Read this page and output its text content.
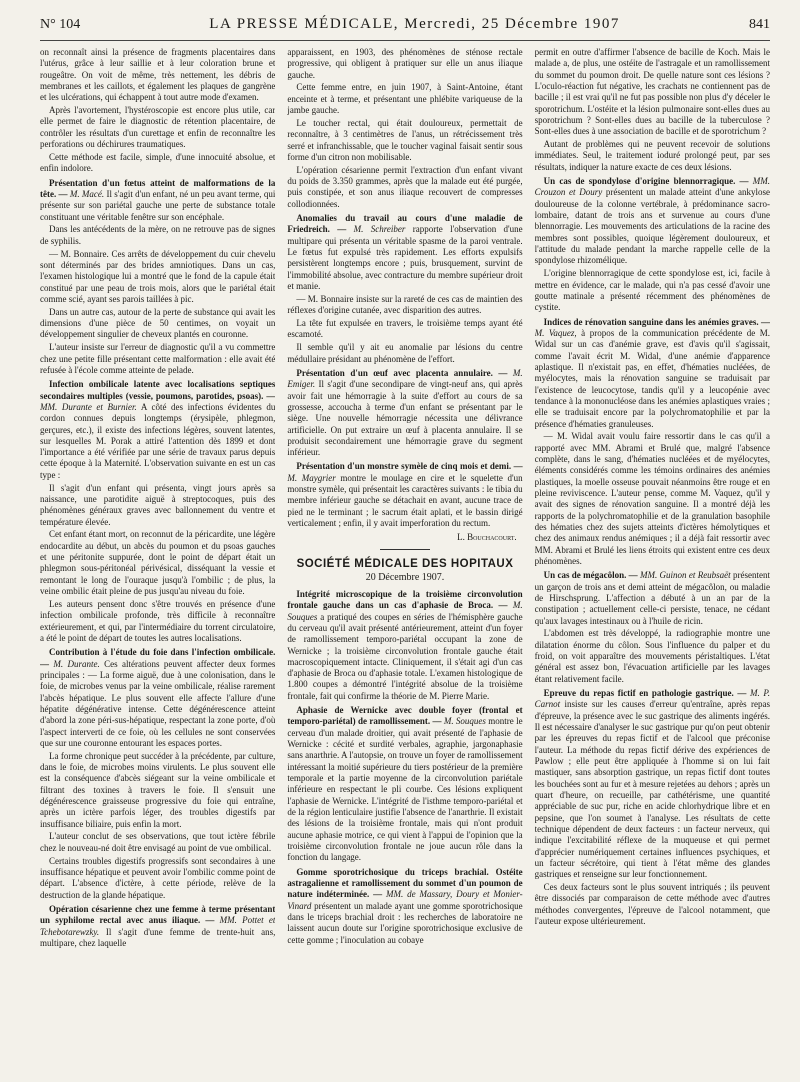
N° 104	LA PRESSE MÉDICALE, Mercredi, 25 Décembre 1907	841

on reconnaît ainsi la présence de fragments placentaires dans l'utérus, grâce à leur saillie et à leur coloration brune et rougeâtre. On voit de même, très nettement, les débris de membranes et les caillots, et également les plaques de gangrène et les ulcérations, qui échappent à tout autre mode d'examen.

Après l'avortement, l'hystéroscopie est encore plus utile, car elle permet de faire le diagnostic de rétention placentaire, de contrôler les résultats d'un curettage et enfin de reconnaître les perforations ou déchirures traumatiques.

Cette méthode est facile, simple, d'une innocuité absolue, et enfin indolore.

Présentation d'un fœtus atteint de malformations de la tête. — M. Macé. Il s'agit d'un enfant, né un peu avant terme, qui présente sur son pariétal gauche une perte de substance totale constituant une véritable fenêtre sur son encéphale.

Dans les antécédents de la mère, on ne retrouve pas de signes de syphilis.

— M. Bonnaire. Ces arrêts de développement du cuir chevelu sont déterminés par des brides amniotiques. Dans un cas, l'examen histologique lui a montré que le fond de la capule était constitué par une peau de trois mois, alors que le pariétal était comme scié, ayant ses parois taillées à pic.

Dans un autre cas, autour de la perte de substance qui avait les dimensions d'une pièce de 50 centimes, on voyait un développement singulier de cheveux plantés en couronne.

L'auteur insiste sur l'erreur de diagnostic qu'il a vu commettre chez une petite fille présentant cette malformation : elle avait été refusée à l'école comme atteinte de pelade.

Infection ombilicale latente avec localisations septiques secondaires multiples (vessie, poumons, parotides, psoas). — MM. Durante et Burnier. A côté des infections évidentes du cordon connues depuis longtemps (érysipèle, phlegmon, gerçures, etc.), il existe des infections légères, souvent latentes, sur lesquelles M. Porak a attiré l'attention dès 1899 et dont l'importance a été vérifiée par une série de travaux parus depuis cette époque à la Maternité. L'observation suivante en est un cas type :

Il s'agit d'un enfant qui présenta, vingt jours après sa naissance, une parotidite aiguë à streptocoques, puis des phénomènes généraux graves avec ballonnement du ventre et température élevée.

Cet enfant étant mort, on reconnut de la péricardite, une légère endocardite au début, un abcès du poumon et du psoas gauches et une péritonite suppurée, dont le point de départ était un phlegmon sous-péritonéal périvésical, disséquant la vessie et remontant le long de l'ouraque jusqu'à l'ombilic ; de plus, la veine ombilic était pleine de pus jusqu'au niveau du foie.

Les auteurs pensent donc s'être trouvés en présence d'une infection ombilicale profonde, très difficile à reconnaître extérieurement, et qui, par l'intermédiaire du torrent circulatoire, a été le point de départ de toutes les autres localisations.

Contribution à l'étude du foie dans l'infection ombilicale. — M. Durante. Ces altérations peuvent affecter deux formes principales : — La forme aiguë, due à une colonisation, dans le foie, de microbes venus par la veine ombilicale, réalise rarement l'abcès hépatique. Le plus souvent elle affecte l'allure d'une hépatite dégénérative intense. Cette dégénérescence atteint d'abord la zone péri-sus-hépatique, respectant la zone porte, d'où l'aspect interverti de ce foie, où les cellules ne sont conservées que sur une couronne entourant les espaces portes.

La forme chronique peut succéder à la précédente, par culture, dans le foie, de microbes moins virulents. Le plus souvent elle est la conséquence d'abcès siégeant sur la veine ombilicale et filtrant des toxines à travers le foie. Il s'ensuit une dégénérescence graisseuse progressive du foie qui entraîne, après un ictère parfois léger, des troubles digestifs par insuffisance biliaire, puis enfin la mort.

L'auteur conclut de ses observations, que tout ictère fébrile chez le nouveau-né doit être envisagé au point de vue ombilical.

Certains troubles digestifs progressifs sont secondaires à une insuffisance hépatique et peuvent avoir l'ombilic comme point de départ. L'absence d'ictère, à cette période, relève de la destruction de la glande hépatique.

Opération césarienne chez une femme à terme présentant un syphilome rectal avec anus iliaque. — MM. Pottet et Tchebotarewzky. Il s'agit d'une femme de trente-huit ans, multipare, chez laquelle

apparaissent, en 1903, des phénomènes de sténose rectale progressive, qui obligent à pratiquer sur elle un anus iliaque gauche.

Cette femme entre, en juin 1907, à Saint-Antoine, étant enceinte et à terme, et présentant une phlébite variqueuse de la jambe gauche.

Le toucher rectal, qui était douloureux, permettait de reconnaître, à 3 centimètres de l'anus, un rétrécissement très serré et infranchissable, que le toucher vaginal faisait sentir sous forme d'un citron non mobilisable.

L'opération césarienne permit l'extraction d'un enfant vivant du poids de 3.350 grammes, après que la malade eut été purgée, puis constipée, et son anus iliaque recouvert de compresses collodionnées.

Anomalies du travail au cours d'une maladie de Friedreich. — M. Schreiber rapporte l'observation d'une multipare qui présenta un véritable spasme de la paroi ventrale. Le fœtus fut expulsé très rapidement. Les efforts expulsifs persistèrent longtemps encore ; puis, brusquement, survint de l'immobilité absolue, avec contracture du membre supérieur droit et manie.

— M. Bonnaire insiste sur la rareté de ces cas de maintien des réflexes d'origine cutanée, avec disparition des autres.

La tête fut expulsée en travers, le troisième temps ayant été escamoté.

Il semble qu'il y ait eu anomalie par lésions du centre médullaire présidant au phénomène de l'effort.

Présentation d'un œuf avec placenta annulaire. — M. Emiger. Il s'agit d'une secondipare de vingt-neuf ans, qui après avoir fait une hémorragie à la suite d'effort au cours de sa grossesse, accoucha à terme d'un enfant se présentant par le siège. Une nouvelle hémorragie nécessita une délivrance artificielle. On put extraire un œuf à placenta annulaire. Il se produisit secondairement une hémorragie grave du segment inférieur.

Présentation d'un monstre symèle de cinq mois et demi. — M. Maygrier montre le moulage en cire et le squelette d'un monstre symèle, qui présentait les caractères suivants : le tibia du membre inférieur gauche se détachait en avant, aucune trace de pied ne le terminant ; le sacrum était aplati, et le bassin dirigé verticalement ; enfin, il y avait imperforation du rectum.

L. Bouchacourt.
SOCIÉTÉ MÉDICALE DES HOPITAUX
20 Décembre 1907.

Intégrité microscopique de la troisième circonvolution frontale gauche dans un cas d'aphasie de Broca. — M. Souques a pratiqué des coupes en séries de l'hémisphère gauche du cerveau qu'il avait présenté antérieurement, atteint d'un foyer de ramollissement temporo-pariétal occupant la zone de Wernicke ; la troisième circonvolution frontale gauche était macroscopiquement intacte. Cliniquement, il s'était agi d'un cas d'aphasie de Broca ou d'aphasie totale. L'examen histologique de 1.800 coupes a démontré l'intégrité absolue de la troisième frontale, fait qui confirme la théorie de M. Pierre Marie.

Aphasie de Wernicke avec double foyer (frontal et temporo-pariétal) de ramollissement. — M. Souques montre le cerveau d'un malade droitier, qui avait présenté de l'aphasie de Wernicke : cécité et surdité verbales, agraphie, jargonaphasie sans anarthrie. A l'autopsie, on trouve un foyer de ramollissement intéressant la moitié supérieure du tiers postérieur de la première temporale et la partie moyenne de la circonvolution pariétale inférieure en respectant le pli courbe. Ces lésions expliquent l'aphasie de Wernicke. L'intégrité de l'isthme temporo-pariétal et de la région lenticulaire justifie l'absence de l'anarthrie. Il existait des lésions de la troisième frontale, mais qui n'ont produit aucune aphasie motrice, ce qui vient à l'appui de l'opinion que la troisième circonvolution frontale ne joue aucun rôle dans la fonction du langage.

Gomme sporotrichosique du triceps brachial. Ostéite astragalienne et ramollissement du sommet d'un poumon de nature indéterminée. — MM. de Massary, Doury et Monier-Vinard présentent un malade ayant une gomme sporotrichosique dans le triceps brachial droit : les recherches de laboratoire ne laissent aucun doute sur l'origine sporotrichosique exclusive de cette gomme ; l'inoculation au cobaye

permit en outre d'affirmer l'absence de bacille de Koch. Mais le malade a, de plus, une ostéite de l'astragale et un ramollissement du sommet du poumon droit. De quelle nature sont ces lésions ? L'oculo-réaction fut négative, les crachats ne contiennent pas de bacille ; il est vrai qu'il ne fut pas possible non plus d'y déceler le sporotrichum. L'ostéite et la lésion pulmonaire sont-elles dues au sporotrichum ? Sont-elles dues au bacille de la tuberculose ? Sont-elles dues à une association de bacille et de sporotrichum ?

Autant de problèmes qui ne peuvent recevoir de solutions immédiates. Seul, le traitement ioduré prolongé peut, par ses résultats, indiquer la nature exacte de ces deux lésions.

Un cas de spondylose d'origine blennorragique. — MM. Crouzon et Doury présentent un malade atteint d'une ankylose douloureuse de la colonne vertébrale, à prédominance sacro-lombaire, datant de trois ans et survenue au cours d'une blennorragie. Les mouvements des articulations de la racine des membres sont possibles, quoique légèrement douloureux, et l'attitude du malade pendant la marche rappelle celle de la spondylose rhizomélique.

L'origine blennorragique de cette spondylose est, ici, facile à mettre en évidence, car le malade, qui n'a pas cessé d'avoir une goutte matinale a présenté récemment des phénomènes de cystite.

Indices de rénovation sanguine dans les anémies graves. — M. Vaquez, à propos de la communication précédente de M. Widal sur un cas d'anémie grave, est d'avis qu'il s'agissait, comme l'avait écrit M. Widal, d'une anémie d'apparence aplastique. Il n'existait pas, en effet, d'hématies nucléées, de myélocytes, mais la rénovation sanguine se traduisait par l'existence de leucocytose, tandis qu'il y a leucopénie avec tendance à la mononucléose dans les anémies aplastiques vraies ; elle se traduisait encore par la polychromatophilie et par la présence d'hématies granuleuses.

— M. Widal avait voulu faire ressortir dans le cas qu'il a rapporté avec MM. Abrami et Brulé que, malgré l'absence complète, dans le sang, d'hématies nucléées et de myélocytes, éléments considérés comme les témoins ordinaires des anémies plastiques, la moelle osseuse pouvait néanmoins être rouge et en pleine reviviscence. L'auteur pense, comme M. Vaquez, qu'il y avait des signes de rénovation sanguine. Il a montré déjà les rapports de la polychromatophilie et de la granulation basophile des hématies chez des sujets atteints d'ictères hémolytiques et chez des animaux rendus anémiques ; il a déjà fait ressortir avec MM. Abrami et Brulé les liens étroits qui existent entre ces deux phénomènes.

Un cas de mégacôlon. — MM. Guinon et Reubsaët présentent un garçon de trois ans et demi atteint de mégacôlon, ou maladie de Hirschsprung. L'affection a débuté à un an par de la constipation ; actuellement celle-ci persiste, tenace, ne cédant qu'aux lavages intestinaux ou à l'huile de ricin.

L'abdomen est très développé, la radiographie montre une dilatation énorme du côlon. Sous l'influence du palper et du froid, on voit apparaître des mouvements péristaltiques. L'état général est assez bon, l'évacuation artificielle par les lavages étant relativement facile.

Epreuve du repas fictif en pathologie gastrique. — M. P. Carnot insiste sur les causes d'erreur qu'entraîne, après repas d'épreuve, la présence avec le suc gastrique des aliments ingérés. Il est nécessaire d'analyser le suc gastrique pur qu'on peut obtenir par les épreuves du repas fictif et de l'alcool que préconise l'auteur. La méthode du repas fictif dérive des expériences de Pawlow ; elle peut être appliquée à l'homme si on lui fait mastiquer, sans absorption gastrique, un repas fictif dont toutes les bouchées sont au fur et à mesure rejetées au dehors ; après un quart d'heure, on recueille, par cathétérisme, une quantité appréciable de suc pur, riche en acide chlorhydrique libre et en pepsine, que l'on soumet à l'analyse. Les résultats de cette technique dépendent de deux facteurs : un facteur nerveux, qui indique l'excitabilité réflexe de la muqueuse et qui permet d'apprécier numériquement certaines influences psychiques, et un facteur sécrétoire, qui tient à l'état même des glandes gastriques et renseigne sur leur fonctionnement.

Ces deux facteurs sont le plus souvent intriqués ; ils peuvent être dissociés par comparaison de cette méthode avec d'autres méthodes convergentes, l'épreuve de l'alcool notamment, que l'auteur expose ultérieurement.
